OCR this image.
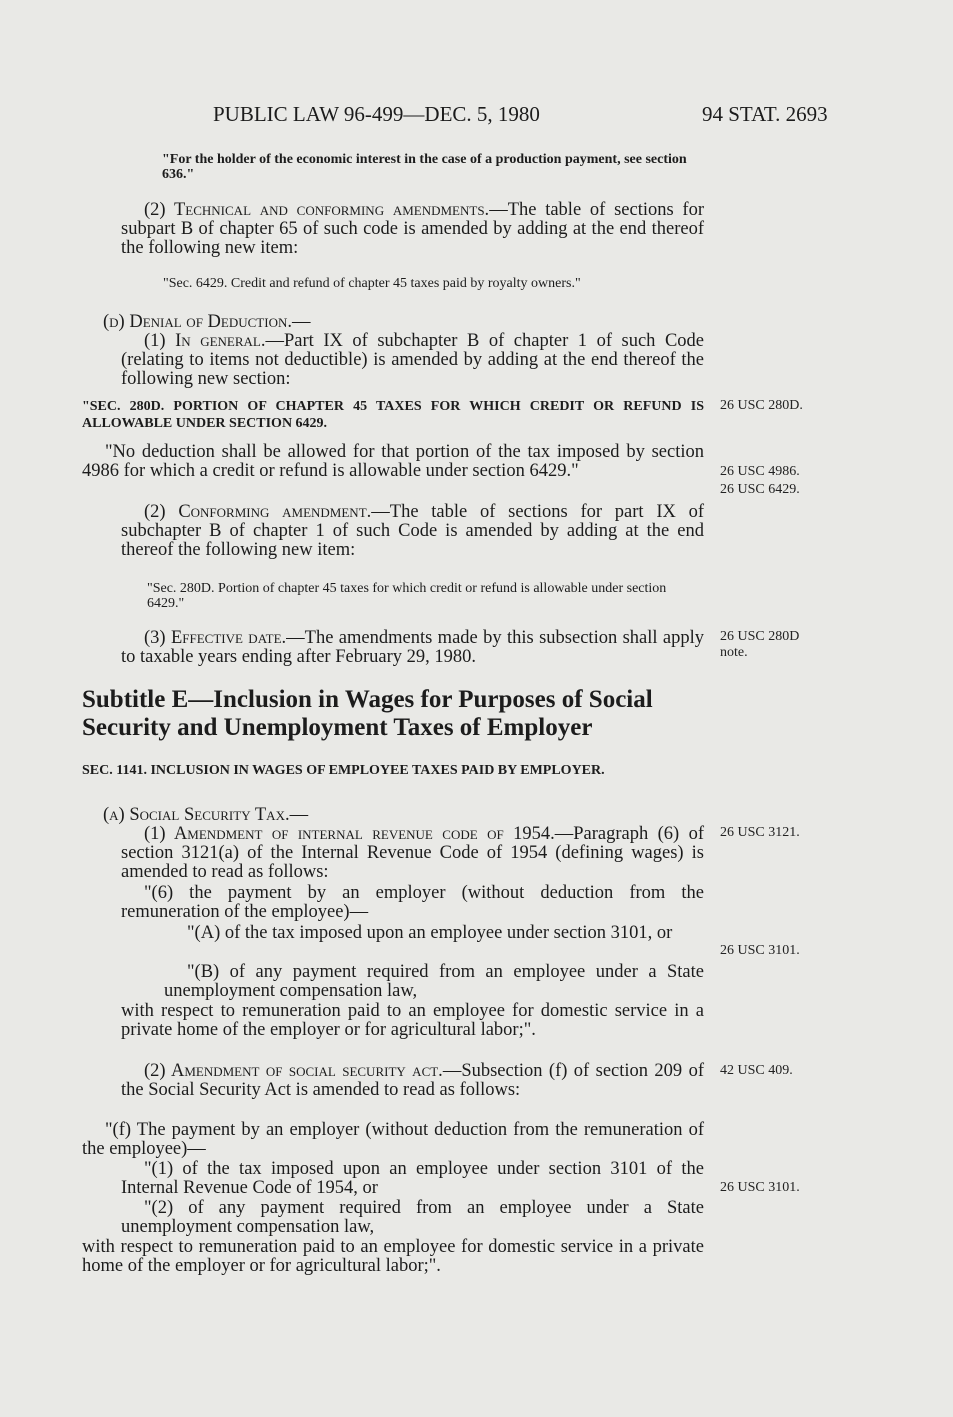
⠀
PUBLIC LAW 96-499—DEC. 5, 1980	94 STAT. 2693
"For the holder of the economic interest in the case of a production payment, see section 636."
(2) Technical and conforming amendments.—The table of sections for subpart B of chapter 65 of such code is amended by adding at the end thereof the following new item:
"Sec. 6429. Credit and refund of chapter 45 taxes paid by royalty owners."
(d) Denial of Deduction.—
(1) In general.—Part IX of subchapter B of chapter 1 of such Code (relating to items not deductible) is amended by adding at the end thereof the following new section:
"SEC. 280D. PORTION OF CHAPTER 45 TAXES FOR WHICH CREDIT OR REFUND IS ALLOWABLE UNDER SECTION 6429.
"No deduction shall be allowed for that portion of the tax imposed by section 4986 for which a credit or refund is allowable under section 6429."
(2) Conforming amendment.—The table of sections for part IX of subchapter B of chapter 1 of such Code is amended by adding at the end thereof the following new item:
"Sec. 280D. Portion of chapter 45 taxes for which credit or refund is allowable under section 6429."
(3) Effective date.—The amendments made by this subsection shall apply to taxable years ending after February 29, 1980.
Subtitle E—Inclusion in Wages for Purposes of Social Security and Unemployment Taxes of Employer
SEC. 1141. INCLUSION IN WAGES OF EMPLOYEE TAXES PAID BY EMPLOYER.
(a) Social Security Tax.—
(1) Amendment of internal revenue code of 1954.—Paragraph (6) of section 3121(a) of the Internal Revenue Code of 1954 (defining wages) is amended to read as follows:
"(6) the payment by an employer (without deduction from the remuneration of the employee)—
"(A) of the tax imposed upon an employee under section 3101, or
"(B) of any payment required from an employee under a State unemployment compensation law,
with respect to remuneration paid to an employee for domestic service in a private home of the employer or for agricultural labor;".
(2) Amendment of social security act.—Subsection (f) of section 209 of the Social Security Act is amended to read as follows:
"(f) The payment by an employer (without deduction from the remuneration of the employee)—
"(1) of the tax imposed upon an employee under section 3101 of the Internal Revenue Code of 1954, or
"(2) of any payment required from an employee under a State unemployment compensation law,
with respect to remuneration paid to an employee for domestic service in a private home of the employer or for agricultural labor;".
26 USC 280D.
26 USC 4986.
26 USC 6429.
26 USC 280D
note.
26 USC 3121.
26 USC 3101.
42 USC 409.
26 USC 3101.
